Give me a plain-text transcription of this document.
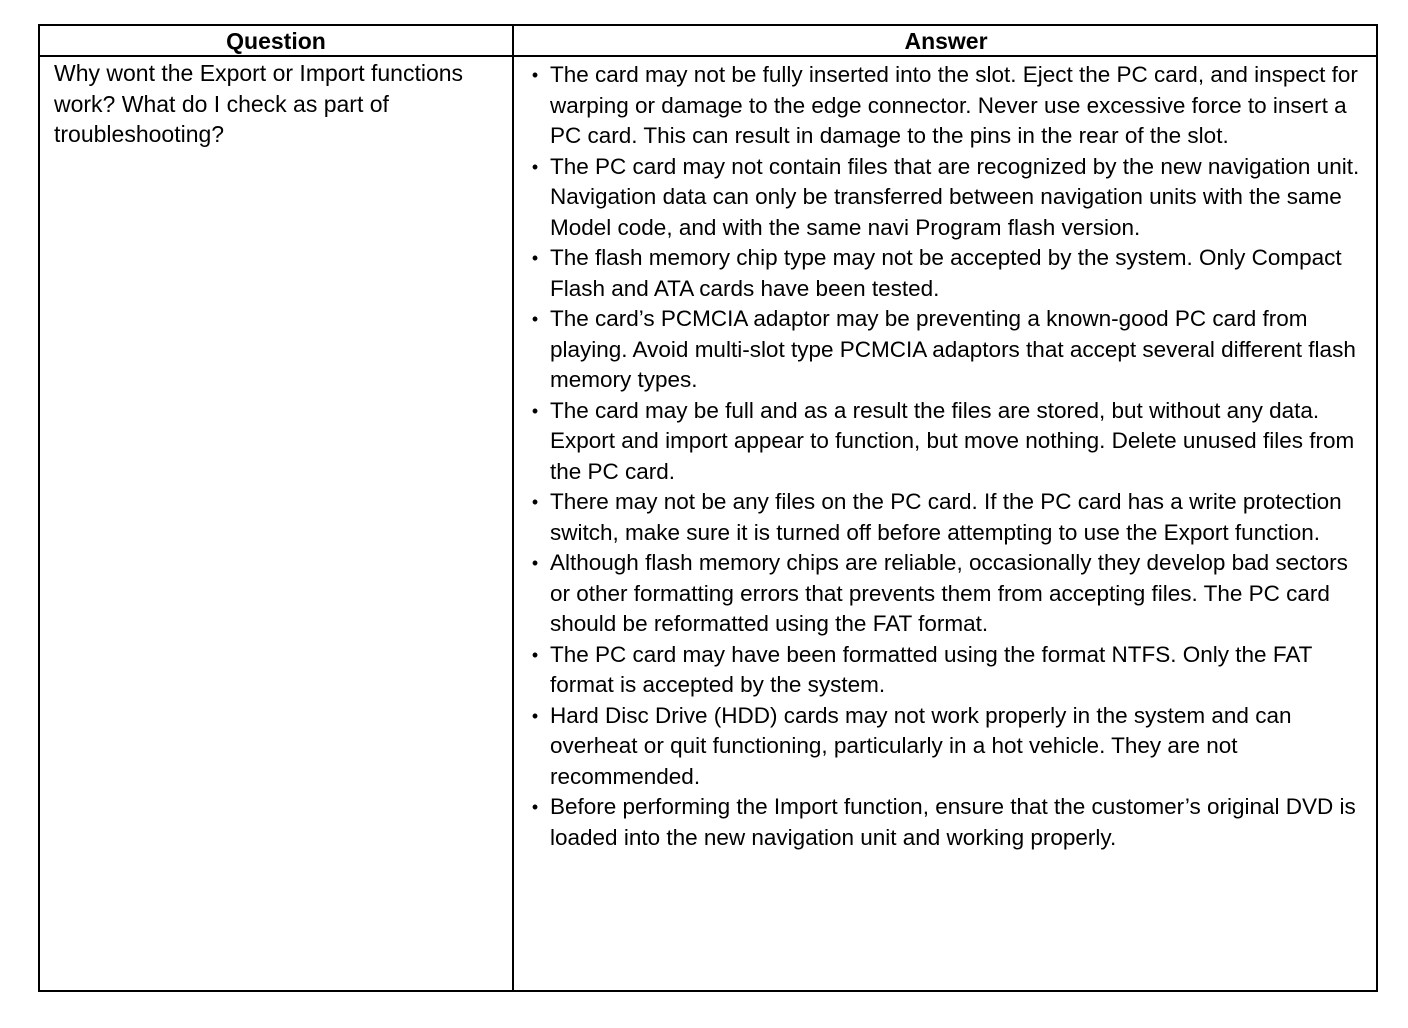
Question	Answer
Why wont the Export or Import functions work? What do I check as part of troubleshooting?
• The card may not be fully inserted into the slot. Eject the PC card, and inspect for warping or damage to the edge connector. Never use excessive force to insert a PC card. This can result in damage to the pins in the rear of the slot.
• The PC card may not contain files that are recognized by the new navigation unit. Navigation data can only be transferred between navigation units with the same Model code, and with the same navi Program flash version.
• The flash memory chip type may not be accepted by the system. Only Compact Flash and ATA cards have been tested.
• The card’s PCMCIA adaptor may be preventing a known-good PC card from playing. Avoid multi-slot type PCMCIA adaptors that accept several different flash memory types.
• The card may be full and as a result the files are stored, but without any data. Export and import appear to function, but move nothing. Delete unused files from the PC card.
• There may not be any files on the PC card. If the PC card has a write protection switch, make sure it is turned off before attempting to use the Export function.
• Although flash memory chips are reliable, occasionally they develop bad sectors or other formatting errors that prevents them from accepting files. The PC card should be reformatted using the FAT format.
• The PC card may have been formatted using the format NTFS. Only the FAT format is accepted by the system.
• Hard Disc Drive (HDD) cards may not work properly in the system and can overheat or quit functioning, particularly in a hot vehicle. They are not recommended.
• Before performing the Import function, ensure that the customer’s original DVD is loaded into the new navigation unit and working properly.
